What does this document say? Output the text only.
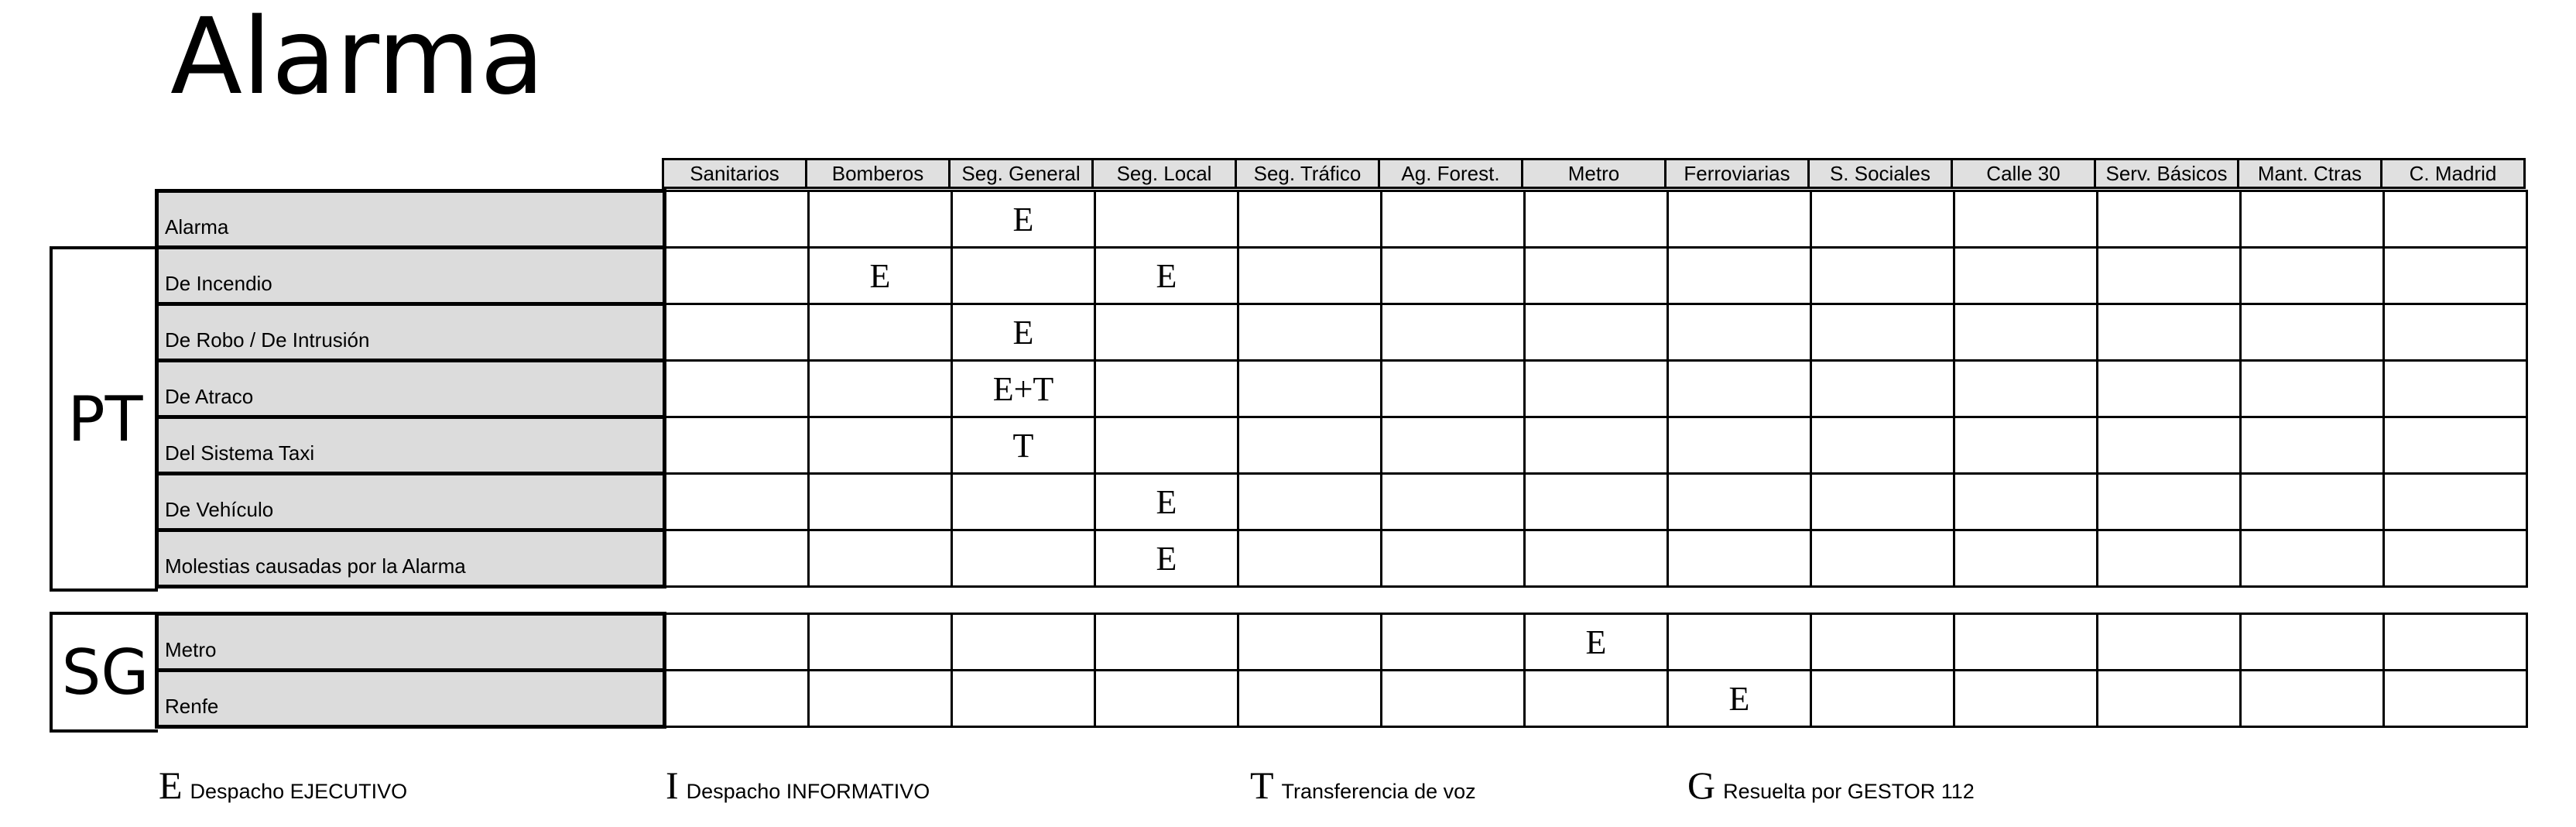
Alarma
Sanitarios	Bomberos	Seg. General	Seg. Local	Seg. Tráfico	Ag. Forest.	Metro	Ferroviarias	S. Sociales	Calle 30	Serv. Básicos	Mant. Ctras	C. Madrid
Alarma			E										
De Incendio		E		E									
De Robo / De Intrusión			E										
De Atraco			E+T										
Del Sistema Taxi			T										
De Vehículo				E									
Molestias causadas por la Alarma				E									
PT
Metro							E						
Renfe								E					
SG
E Despacho EJECUTIVO	I Despacho INFORMATIVO	T Transferencia de voz	G Resuelta por GESTOR 112
